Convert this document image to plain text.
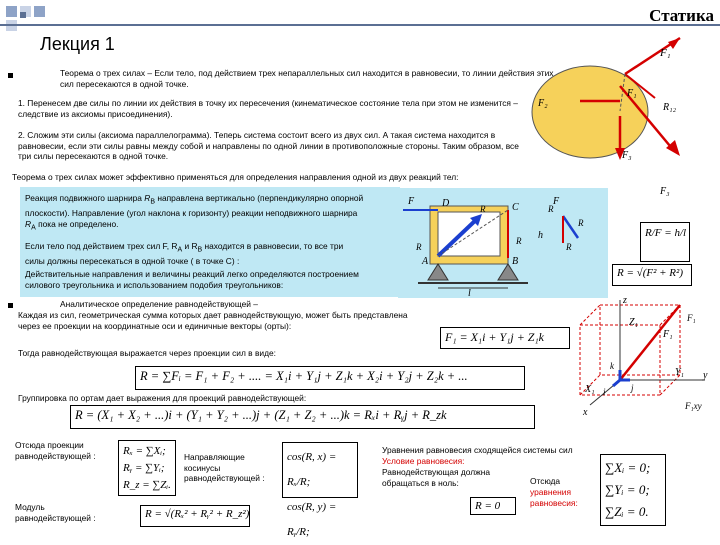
Статика
Лекция 1
Теорема о трех силах – Если тело, под действием трех непараллельных сил находится в равновесии, то линии действия этих сил пересекаются в одной точке.
1. Перенесем две силы по линии их действия в точку их пересечения (кинематическое состояние тела при этом не изменится – следствие из аксиомы присоединения).
2. Сложим эти силы (аксиома параллелограмма). Теперь система состоит всего из двух сил. А такая система находится в равновесии, если эти силы равны между собой и направлены по одной линии в противоположные стороны. Таким образом, все три силы пересекаются в одной точке.
Теорема о трех силах может эффективно применяться для определения направления одной из двух реакций тел:
F₁
F₁
R₁₂
F₂
F₃
F₃
Реакция подвижного шарнира $R_B$ направлена вертикально (перпендикулярно опорной плоскости). Направление (угол наклона к горизонту) реакции неподвижного шарнира $R_A$ пока не определено.
Если тело под действием трех сил F, $R_A$ и $R_B$ находится в равновесии, то все три силы должны пересекаться в одной точке ( в точке C) :
Действительные направления и величины реакций легко определяются построением силового треугольника и использованием подобия треугольников:
F
R
D
R
C
R
A	B
l
h
R
R
R
F
R/F = h/l
R = √(F² + R²)
Аналитическое определение равнодействующей –
Каждая из сил, геометрическая сумма которых дает равнодействующую, может быть представлена через ее проекции на координатные оси и единичные векторы (орты):
F₁ = X₁i + Y₁j + Z₁k
Тогда равнодействующая выражается через проекции сил в виде:
R = ∑Fᵢ = F₁ + F₂ + .... = X₁i + Y₁j + Z₁k + X₂i + Y₂j + Z₂k + ...
Группировка по ортам дает выражения для проекций равнодействующей:
R = (X₁ + X₂ + ...)i + (Y₁ + Y₂ + ...)j + (Z₁ + Z₂ + ...)k = Rₓi + Rᵧj + R_zk
z
Z₁
F₁
F₁
F₁xy
Y₁ y
X₁
x
i	j
k
Отсюда проекции равнодействующей :	Rₓ = ∑Xᵢ;
Rᵧ = ∑Yᵢ;
R_z = ∑Zᵢ.
Направляющие косинусы равнодействующей :
cos(R, x) = Rₓ/R;
cos(R, y) = Rᵧ/R;
Модуль равнодействующей :	R = √(Rₓ² + Rᵧ² + R_z²)
Уравнения равновесия сходящейся системы сил
Условие равновесия:
Равнодействующая должна обращаться в ноль:
R = 0
Отсюда
уравнения равновесия:
∑Xᵢ = 0;
∑Yᵢ = 0;
∑Zᵢ = 0.
